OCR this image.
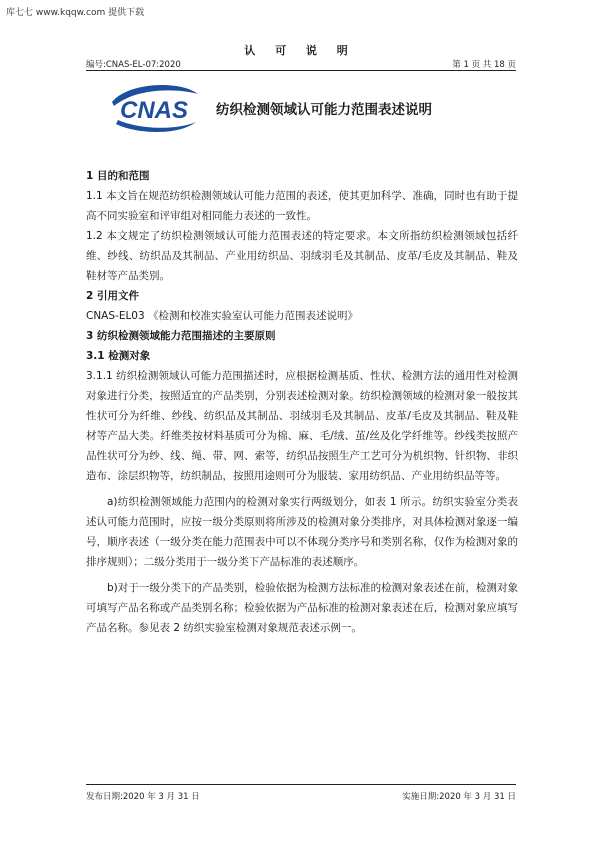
库七七 www.kqqw.com 提供下载
认 可 说 明
编号:CNAS-EL-07:2020	第 1 页 共 18 页
CNAS 纺织检测领域认可能力范围表述说明

1 目的和范围

1.1 本文旨在规范纺织检测领域认可能力范围的表述，使其更加科学、准确，同时也有助于提高不同实验室和评审组对相同能力表述的一致性。

1.2 本文规定了纺织检测领域认可能力范围表述的特定要求。本文所指纺织检测领域包括纤维、纱线、纺织品及其制品、产业用纺织品、羽绒羽毛及其制品、皮革/毛皮及其制品、鞋及鞋材等产品类别。

2 引用文件

CNAS-EL03 《检测和校准实验室认可能力范围表述说明》

3 纺织检测领域能力范围描述的主要原则

3.1 检测对象

3.1.1 纺织检测领域认可能力范围描述时，应根据检测基质、性状、检测方法的通用性对检测对象进行分类，按照适宜的产品类别，分别表述检测对象。纺织检测领域的检测对象一般按其性状可分为纤维、纱线、纺织品及其制品、羽绒羽毛及其制品、皮革/毛皮及其制品、鞋及鞋材等产品大类。纤维类按材料基质可分为棉、麻、毛/绒、茧/丝及化学纤维等。纱线类按照产品性状可分为纱、线、绳、带、网、索等，纺织品按照生产工艺可分为机织物、针织物、非织造布、涂层织物等，纺织制品，按照用途则可分为服装、家用纺织品、产业用纺织品等等。

a)纺织检测领域能力范围内的检测对象实行两级划分，如表 1 所示。纺织实验室分类表述认可能力范围时，应按一级分类原则将所涉及的检测对象分类排序，对具体检测对象逐一编号，顺序表述（一级分类在能力范围表中可以不体现分类序号和类别名称，仅作为检测对象的排序规则）；二级分类用于一级分类下产品标准的表述顺序。

b)对于一级分类下的产品类别，检验依据为检测方法标准的检测对象表述在前，检测对象可填写产品名称或产品类别名称；检验依据为产品标准的检测对象表述在后，检测对象应填写产品名称。参见表 2 纺织实验室检测对象规范表述示例一。

发布日期:2020 年 3 月 31 日	实施日期:2020 年 3 月 31 日
